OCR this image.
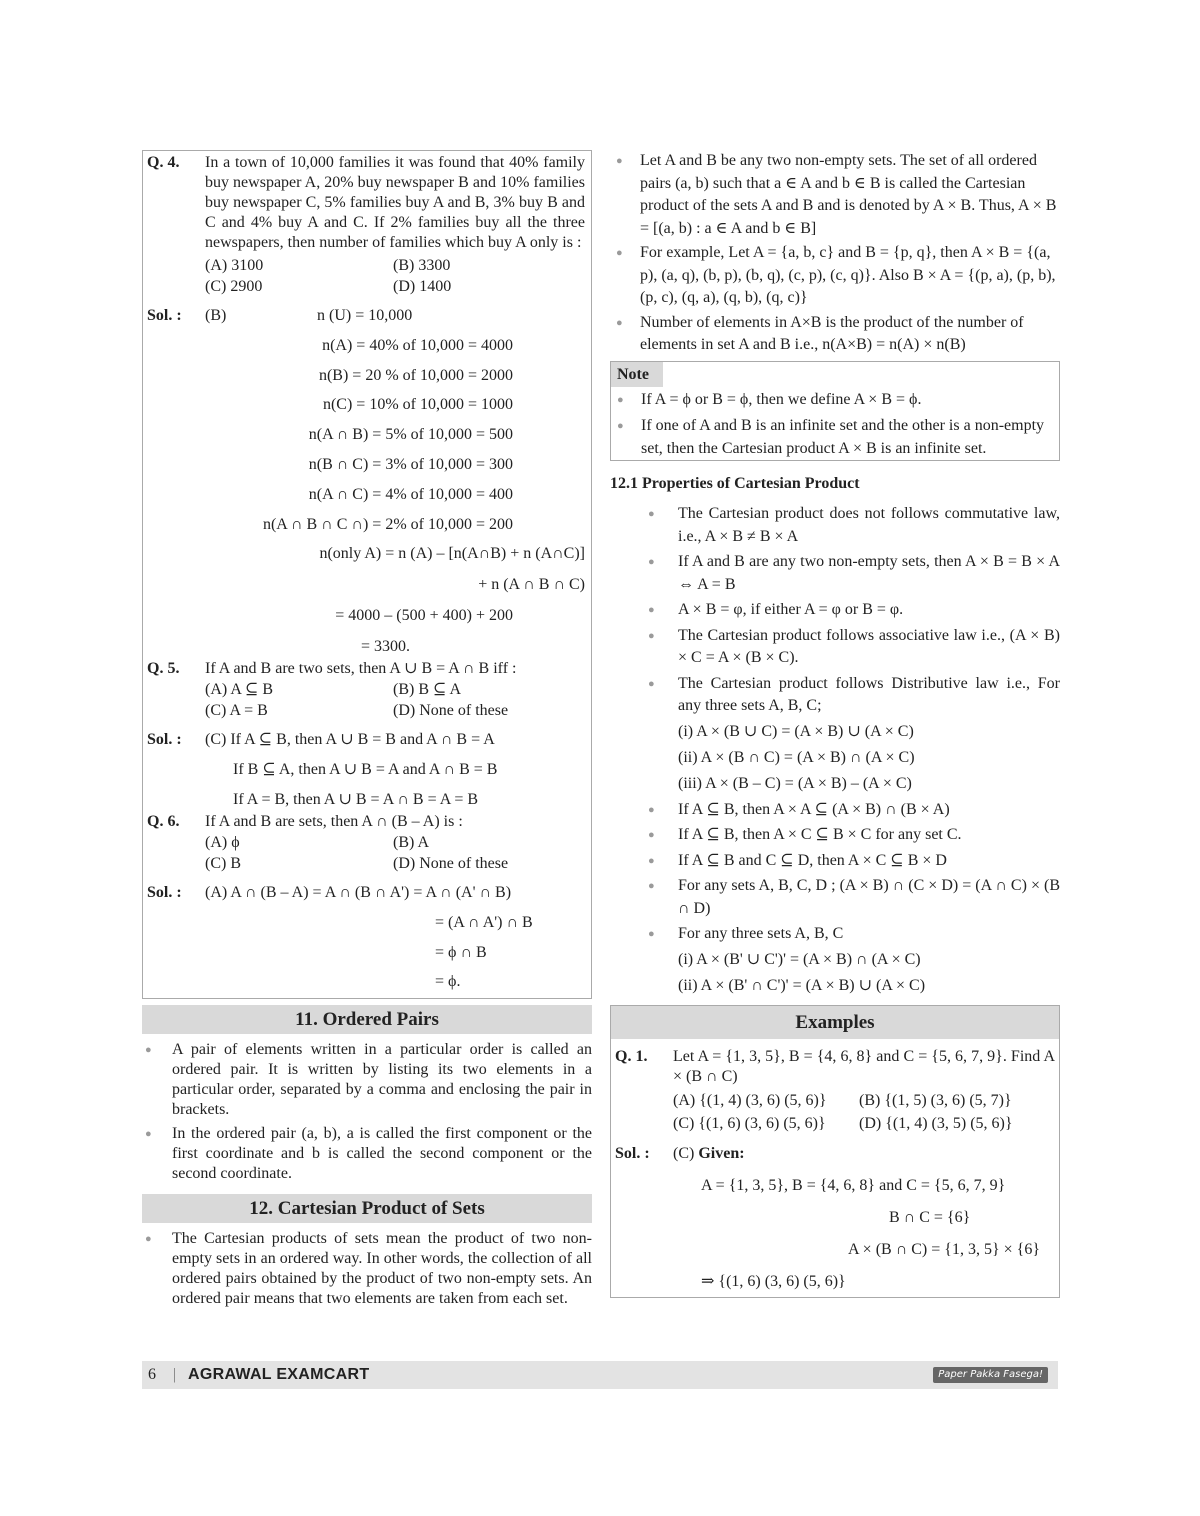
Q. 4.	In a town of 10,000 families it was found that 40% family buy newspaper A, 20% buy newspaper B and 10% families buy newspaper C, 5% families buy A and B, 3% buy B and C and 4% buy A and C. If 2% families buy all the three newspapers, then number of families which buy A only is :
(A) 3100	(B) 3300
(C) 2900	(D) 1400
Sol. :	(B)	n (U) = 10,000
n(A) = 40% of 10,000 = 4000
n(B) = 20 % of 10,000 = 2000
n(C) = 10% of 10,000 = 1000
n(A ∩ B) = 5% of 10,000 = 500
n(B ∩ C) = 3% of 10,000 = 300
n(A ∩ C) = 4% of 10,000 = 400
n(A ∩ B ∩ C ∩) = 2% of 10,000 = 200
n(only A) = n (A) – [n(A∩B) + n (A∩C)]
+ n (A ∩ B ∩ C)
= 4000 – (500 + 400) + 200
= 3300.
Q. 5.	If A and B are two sets, then A ∪ B = A ∩ B iff :
(A) A ⊆ B	(B) B ⊆ A
(C) A = B	(D) None of these
Sol. :	(C) If A ⊆ B, then A ∪ B = B and A ∩ B = A
If B ⊆ A, then A ∪ B = A and A ∩ B = B
If A = B, then A ∪ B = A ∩ B = A = B
Q. 6.	If A and B are sets, then A ∩ (B – A) is :
(A) ϕ	(B) A
(C) B	(D) None of these
Sol. :	(A) A ∩ (B – A) = A ∩ (B ∩ A') = A ∩ (A' ∩ B)
= (A ∩ A') ∩ B
= ϕ ∩ B
= ϕ.
11. Ordered Pairs
●	A pair of elements written in a particular order is called an ordered pair. It is written by listing its two elements in a particular order, separated by a comma and enclosing the pair in brackets.
●	In the ordered pair (a, b), a is called the first component or the first coordinate and b is called the second component or the second coordinate.
12. Cartesian Product of Sets
●	The Cartesian products of sets mean the product of two non-empty sets in an ordered way. In other words, the collection of all ordered pairs obtained by the product of two non-empty sets. An ordered pair means that two elements are taken from each set.
●	Let A and B be any two non-empty sets. The set of all ordered pairs (a, b) such that a ∈ A and b ∈ B is called the Cartesian product of the sets A and B and is denoted by A × B. Thus, A × B = [(a, b) : a ∈ A and b ∈ B]
●	For example, Let A = {a, b, c} and B = {p, q}, then A × B = {(a, p), (a, q), (b, p), (b, q), (c, p), (c, q)}. Also B × A = {(p, a), (p, b), (p, c), (q, a), (q, b), (q, c)}
●	Number of elements in A×B is the product of the number of elements in set A and B i.e., n(A×B) = n(A) × n(B)
Note
●	If A = ϕ or B = ϕ, then we define A × B = ϕ.
●	If one of A and B is an infinite set and the other is a non-empty set, then the Cartesian product A × B is an infinite set.
12.1 Properties of Cartesian Product
●	The Cartesian product does not follows commutative law, i.e., A × B ≠ B × A
●	If A and B are any two non-empty sets, then A × B = B × A ⇔ A = B
●	A × B = φ, if either A = φ or B = φ.
●	The Cartesian product follows associative law i.e., (A × B) × C = A × (B × C).
●	The Cartesian product follows Distributive law i.e., For any three sets A, B, C;
(i) A × (B ∪ C) = (A × B) ∪ (A × C)
(ii) A × (B ∩ C) = (A × B) ∩ (A × C)
(iii) A × (B – C) = (A × B) – (A × C)
●	If A ⊆ B, then A × A ⊆ (A × B) ∩ (B × A)
●	If A ⊆ B, then A × C ⊆ B × C for any set C.
●	If A ⊆ B and C ⊆ D, then A × C ⊆ B × D
●	For any sets A, B, C, D ; (A × B) ∩ (C × D) = (A ∩ C) × (B ∩ D)
●	For any three sets A, B, C
(i) A × (B' ∪ C')' = (A × B) ∩ (A × C)
(ii) A × (B' ∩ C')' = (A × B) ∪ (A × C)
Examples
Q. 1.	Let A = {1, 3, 5}, B = {4, 6, 8} and C = {5, 6, 7, 9}. Find A × (B ∩ C)
(A) {(1, 4) (3, 6) (5, 6)}	(B) {(1, 5) (3, 6) (5, 7)}
(C) {(1, 6) (3, 6) (5, 6)}	(D) {(1, 4) (3, 5) (5, 6)}
Sol. :	(C) Given:
A = {1, 3, 5}, B = {4, 6, 8} and C = {5, 6, 7, 9}
B ∩ C = {6}
A × (B ∩ C) = {1, 3, 5} × {6}
⇒ {(1, 6) (3, 6) (5, 6)}
6 | AGRAWAL EXAMCART	Paper Pakka Fasega!
